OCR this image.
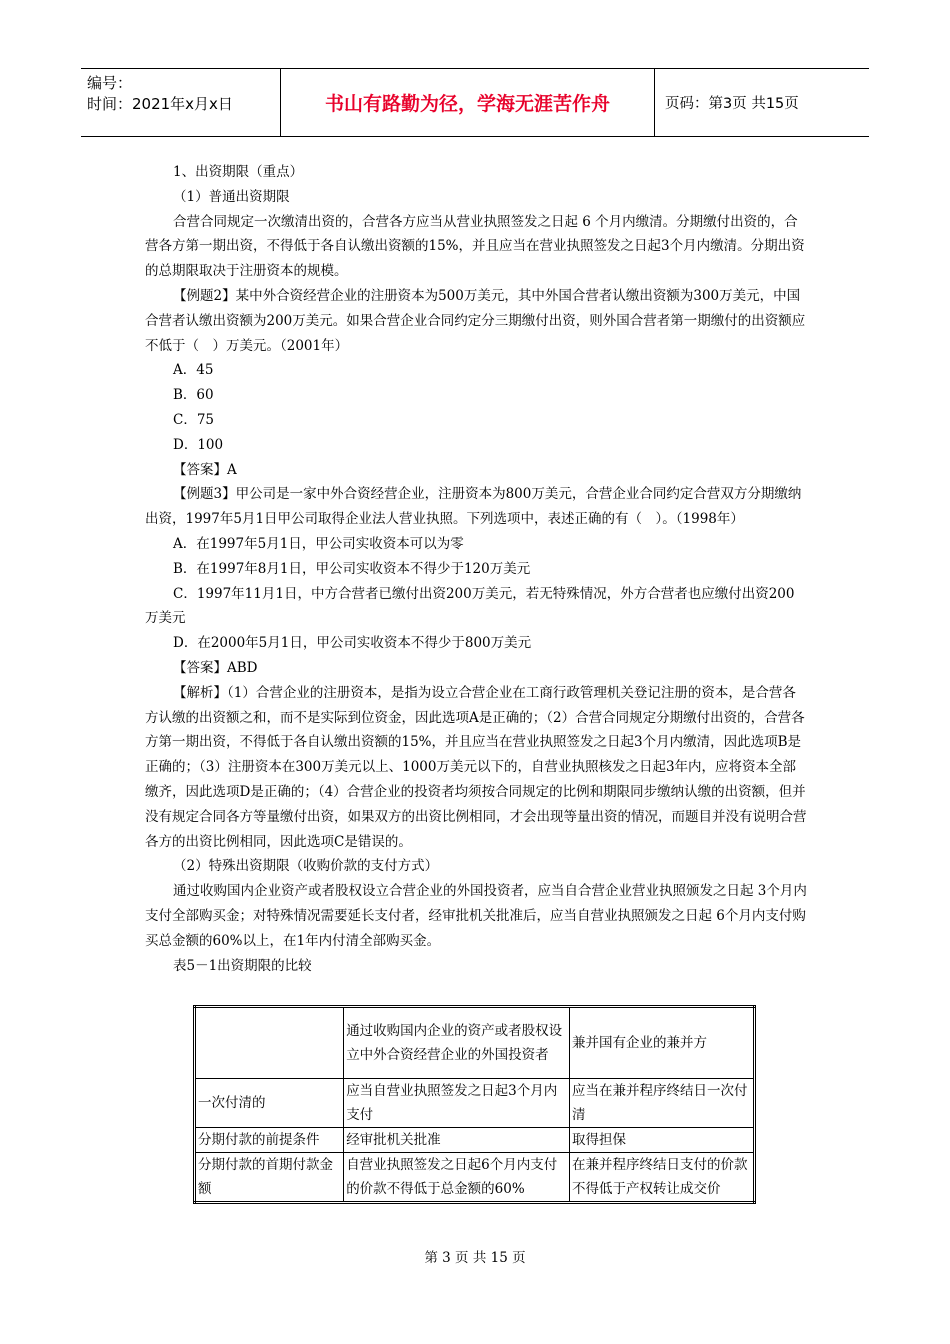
编号：
时间：2021年x月x日	书山有路勤为径，学海无涯苦作舟	页码：第3页 共15页

1、出资期限（重点）

（1）普通出资期限

合营合同规定一次缴清出资的，合营各方应当从营业执照签发之日起 6 个月内缴清。分期缴付出资的，合营各方第一期出资，不得低于各自认缴出资额的15%，并且应当在营业执照签发之日起3个月内缴清。分期出资的总期限取决于注册资本的规模。

【例题2】某中外合资经营企业的注册资本为500万美元，其中外国合营者认缴出资额为300万美元，中国合营者认缴出资额为200万美元。如果合营企业合同约定分三期缴付出资，则外国合营者第一期缴付的出资额应不低于（　）万美元。（2001年）

A．45

B．60

C．75

D．100

【答案】A

【例题3】甲公司是一家中外合资经营企业，注册资本为800万美元，合营企业合同约定合营双方分期缴纳出资，1997年5月1日甲公司取得企业法人营业执照。下列选项中，表述正确的有（　）。（1998年）

A．在1997年5月1日，甲公司实收资本可以为零

B．在1997年8月1日，甲公司实收资本不得少于120万美元

C．1997年11月1日，中方合营者已缴付出资200万美元，若无特殊情况，外方合营者也应缴付出资200万美元

D．在2000年5月1日，甲公司实收资本不得少于800万美元

【答案】ABD

【解析】（1）合营企业的注册资本，是指为设立合营企业在工商行政管理机关登记注册的资本，是合营各方认缴的出资额之和，而不是实际到位资金，因此选项A是正确的；（2）合营合同规定分期缴付出资的，合营各方第一期出资，不得低于各自认缴出资额的15%，并且应当在营业执照签发之日起3个月内缴清，因此选项B是正确的；（3）注册资本在300万美元以上、1000万美元以下的，自营业执照核发之日起3年内，应将资本全部缴齐，因此选项D是正确的；（4）合营企业的投资者均须按合同规定的比例和期限同步缴纳认缴的出资额，但并没有规定合同各方等量缴付出资，如果双方的出资比例相同，才会出现等量出资的情况，而题目并没有说明合营各方的出资比例相同，因此选项C是错误的。

（2）特殊出资期限（收购价款的支付方式）

通过收购国内企业资产或者股权设立合营企业的外国投资者，应当自合营企业营业执照颁发之日起 3个月内支付全部购买金；对特殊情况需要延长支付者，经审批机关批准后，应当自营业执照颁发之日起 6个月内支付购买总金额的60%以上，在1年内付清全部购买金。

表5－1出资期限的比较

	通过收购国内企业的资产或者股权设立中外合资经营企业的外国投资者	兼并国有企业的兼并方
一次付清的	应当自营业执照签发之日起3个月内支付	应当在兼并程序终结日一次付清
分期付款的前提条件	经审批机关批准	取得担保
分期付款的首期付款金额	自营业执照签发之日起6个月内支付的价款不得低于总金额的60%	在兼并程序终结日支付的价款不得低于产权转让成交价
第 3 页 共 15 页
